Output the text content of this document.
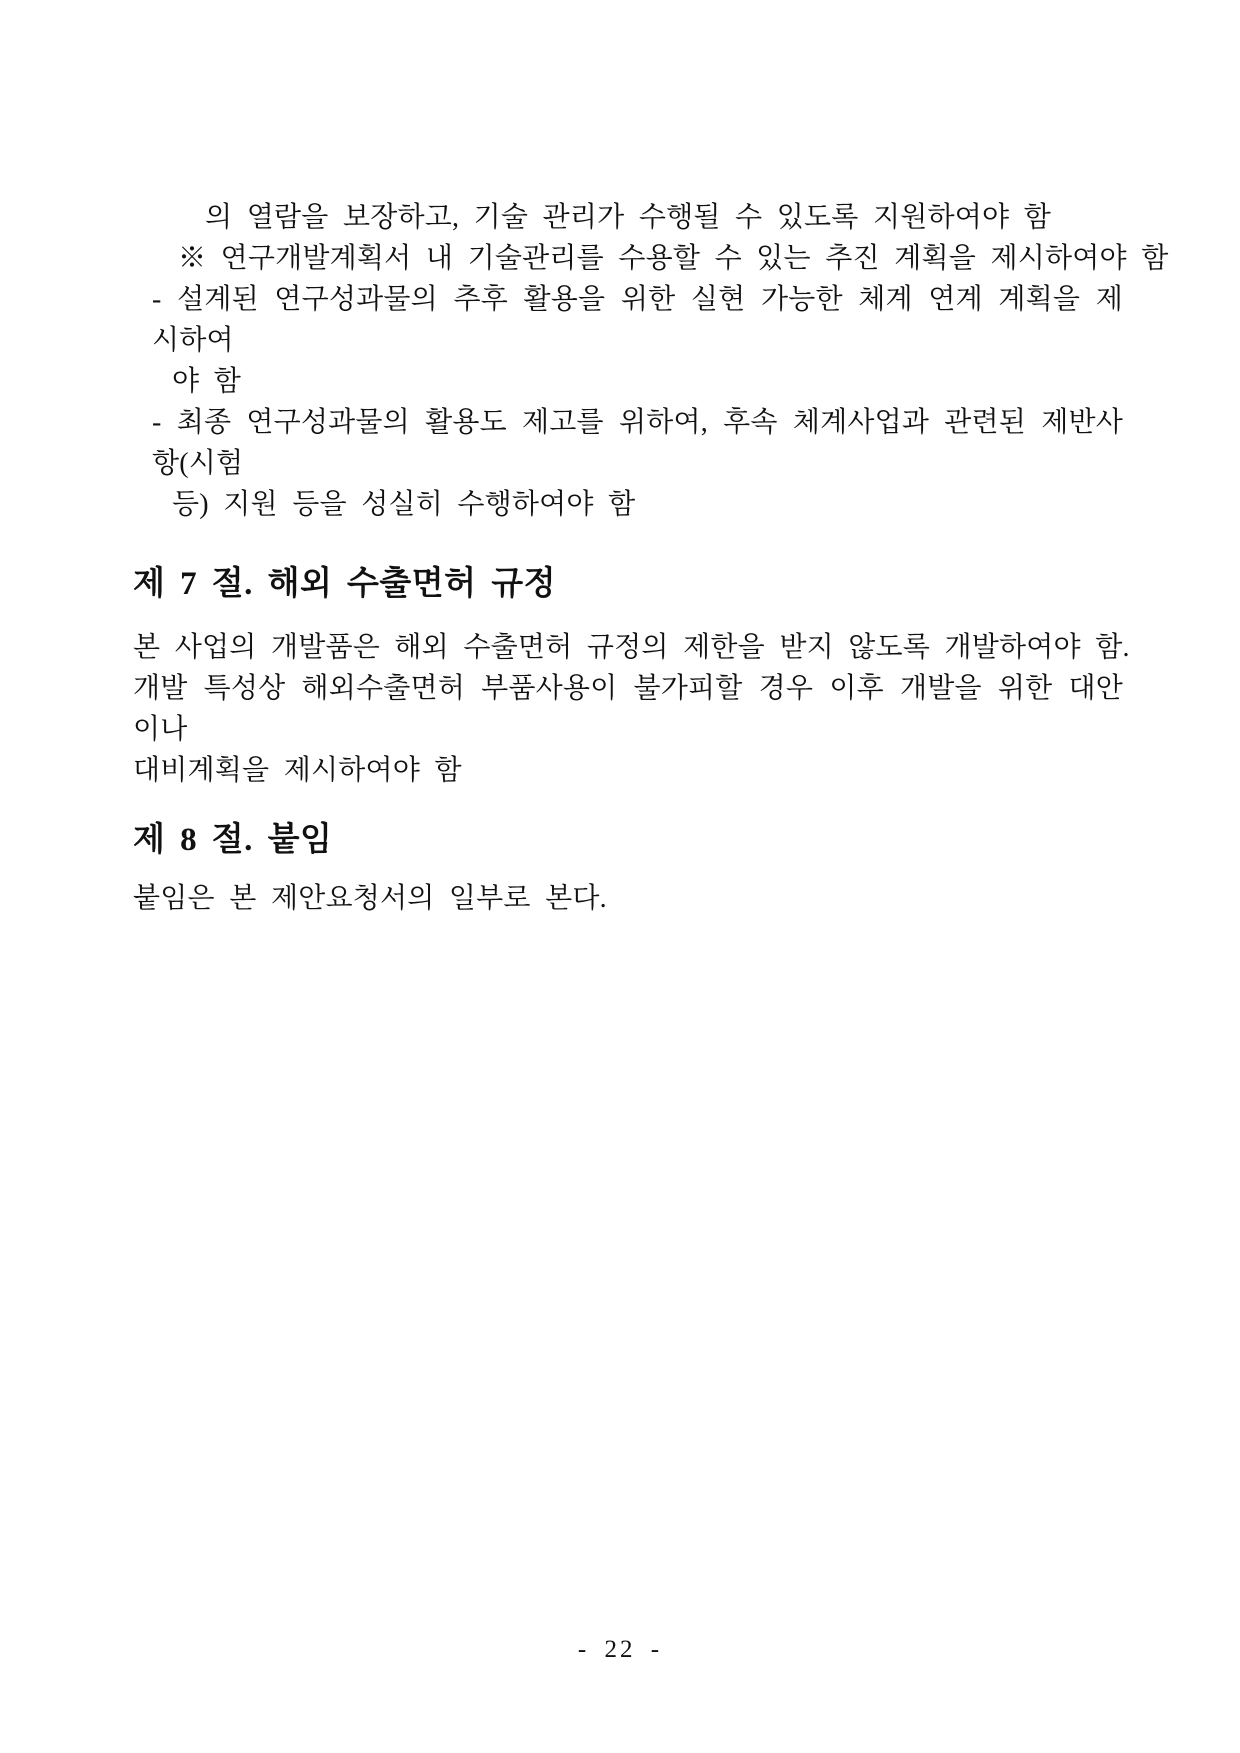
의 열람을 보장하고, 기술 관리가 수행될 수 있도록 지원하여야 함
※ 연구개발계획서 내 기술관리를 수용할 수 있는 추진 계획을 제시하여야 함
- 설계된 연구성과물의 추후 활용을 위한 실현 가능한 체계 연계 계획을 제시하여
야 함
- 최종 연구성과물의 활용도 제고를 위하여, 후속 체계사업과 관련된 제반사항(시험
등) 지원 등을 성실히 수행하여야 함
제 7 절. 해외 수출면허 규정
본 사업의 개발품은 해외 수출면허 규정의 제한을 받지 않도록 개발하여야 함.
개발 특성상 해외수출면허 부품사용이 불가피할 경우 이후 개발을 위한 대안이나
대비계획을 제시하여야 함
제 8 절. 붙임
붙임은 본 제안요청서의 일부로 본다.
- 22 -
